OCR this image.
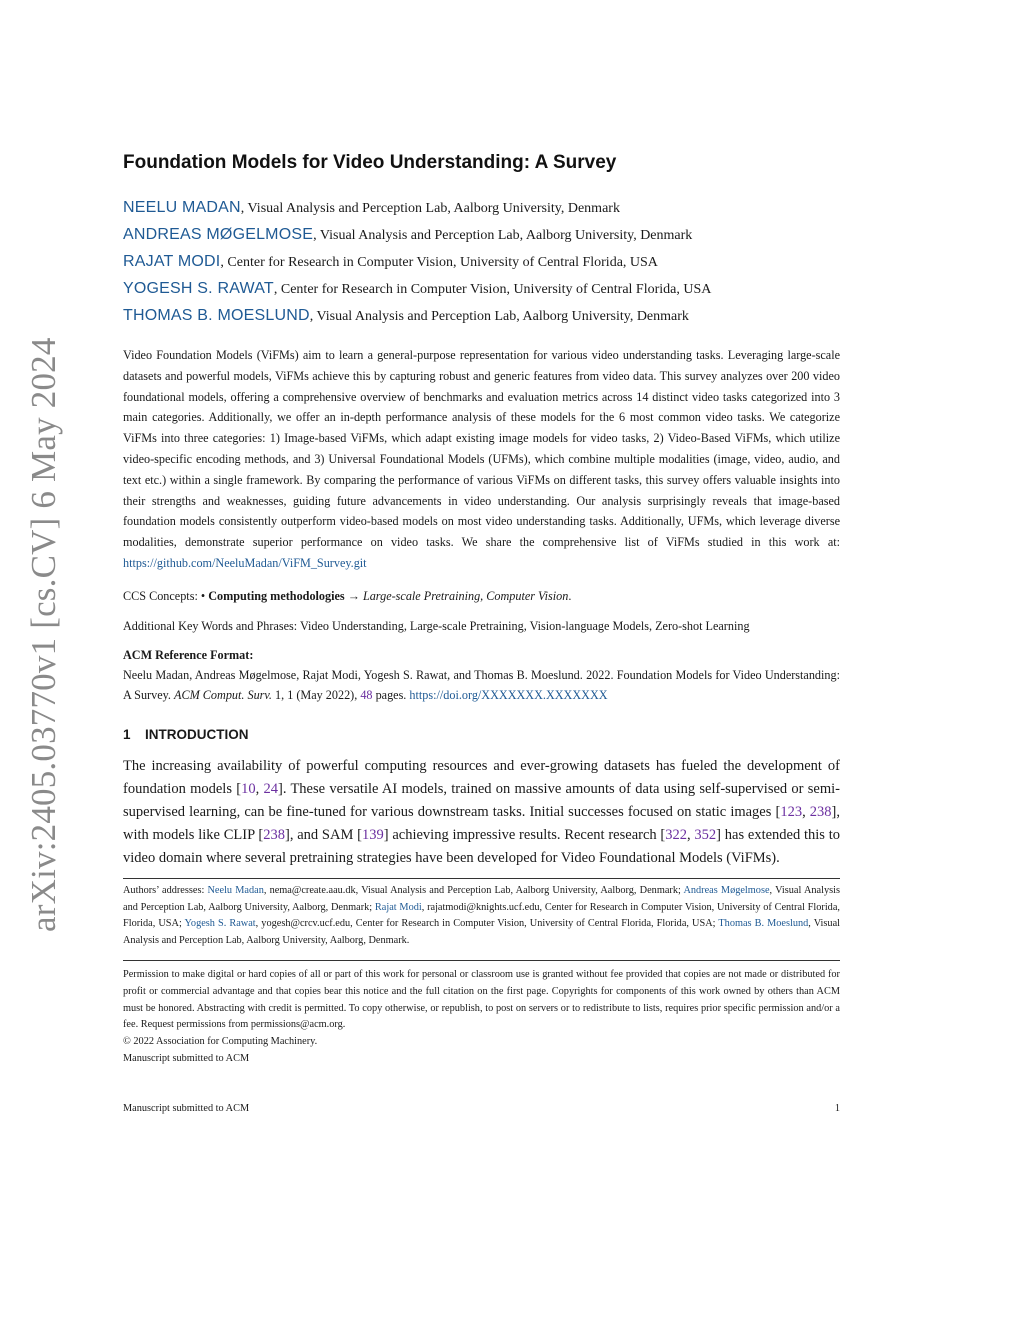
arXiv:2405.03770v1 [cs.CV] 6 May 2024
Foundation Models for Video Understanding: A Survey
NEELU MADAN, Visual Analysis and Perception Lab, Aalborg University, Denmark
ANDREAS MØGELMOSE, Visual Analysis and Perception Lab, Aalborg University, Denmark
RAJAT MODI, Center for Research in Computer Vision, University of Central Florida, USA
YOGESH S. RAWAT, Center for Research in Computer Vision, University of Central Florida, USA
THOMAS B. MOESLUND, Visual Analysis and Perception Lab, Aalborg University, Denmark
Video Foundation Models (ViFMs) aim to learn a general-purpose representation for various video understanding tasks. Leveraging large-scale datasets and powerful models, ViFMs achieve this by capturing robust and generic features from video data. This survey analyzes over 200 video foundational models, offering a comprehensive overview of benchmarks and evaluation metrics across 14 distinct video tasks categorized into 3 main categories. Additionally, we offer an in-depth performance analysis of these models for the 6 most common video tasks. We categorize ViFMs into three categories: 1) Image-based ViFMs, which adapt existing image models for video tasks, 2) Video-Based ViFMs, which utilize video-specific encoding methods, and 3) Universal Foundational Models (UFMs), which combine multiple modalities (image, video, audio, and text etc.) within a single framework. By comparing the performance of various ViFMs on different tasks, this survey offers valuable insights into their strengths and weaknesses, guiding future advancements in video understanding. Our analysis surprisingly reveals that image-based foundation models consistently outperform video-based models on most video understanding tasks. Additionally, UFMs, which leverage diverse modalities, demonstrate superior performance on video tasks. We share the comprehensive list of ViFMs studied in this work at: https://github.com/NeeluMadan/ViFM_Survey.git
CCS Concepts: • Computing methodologies → Large-scale Pretraining, Computer Vision.
Additional Key Words and Phrases: Video Understanding, Large-scale Pretraining, Vision-language Models, Zero-shot Learning
ACM Reference Format:
Neelu Madan, Andreas Møgelmose, Rajat Modi, Yogesh S. Rawat, and Thomas B. Moeslund. 2022. Foundation Models for Video Understanding: A Survey. ACM Comput. Surv. 1, 1 (May 2022), 48 pages. https://doi.org/XXXXXXX.XXXXXXX
1 INTRODUCTION
The increasing availability of powerful computing resources and ever-growing datasets has fueled the development of foundation models [10, 24]. These versatile AI models, trained on massive amounts of data using self-supervised or semi-supervised learning, can be fine-tuned for various downstream tasks. Initial successes focused on static images [123, 238], with models like CLIP [238], and SAM [139] achieving impressive results. Recent research [322, 352] has extended this to video domain where several pretraining strategies have been developed for Video Foundational Models (ViFMs).
Authors’ addresses: Neelu Madan, nema@create.aau.dk, Visual Analysis and Perception Lab, Aalborg University, Aalborg, Denmark; Andreas Møgelmose, Visual Analysis and Perception Lab, Aalborg University, Aalborg, Denmark; Rajat Modi, rajatmodi@knights.ucf.edu, Center for Research in Computer Vision, University of Central Florida, Florida, USA; Yogesh S. Rawat, yogesh@crcv.ucf.edu, Center for Research in Computer Vision, University of Central Florida, Florida, USA; Thomas B. Moeslund, Visual Analysis and Perception Lab, Aalborg University, Aalborg, Denmark.
Permission to make digital or hard copies of all or part of this work for personal or classroom use is granted without fee provided that copies are not made or distributed for profit or commercial advantage and that copies bear this notice and the full citation on the first page. Copyrights for components of this work owned by others than ACM must be honored. Abstracting with credit is permitted. To copy otherwise, or republish, to post on servers or to redistribute to lists, requires prior specific permission and/or a fee. Request permissions from permissions@acm.org.
© 2022 Association for Computing Machinery.
Manuscript submitted to ACM
Manuscript submitted to ACM	1
